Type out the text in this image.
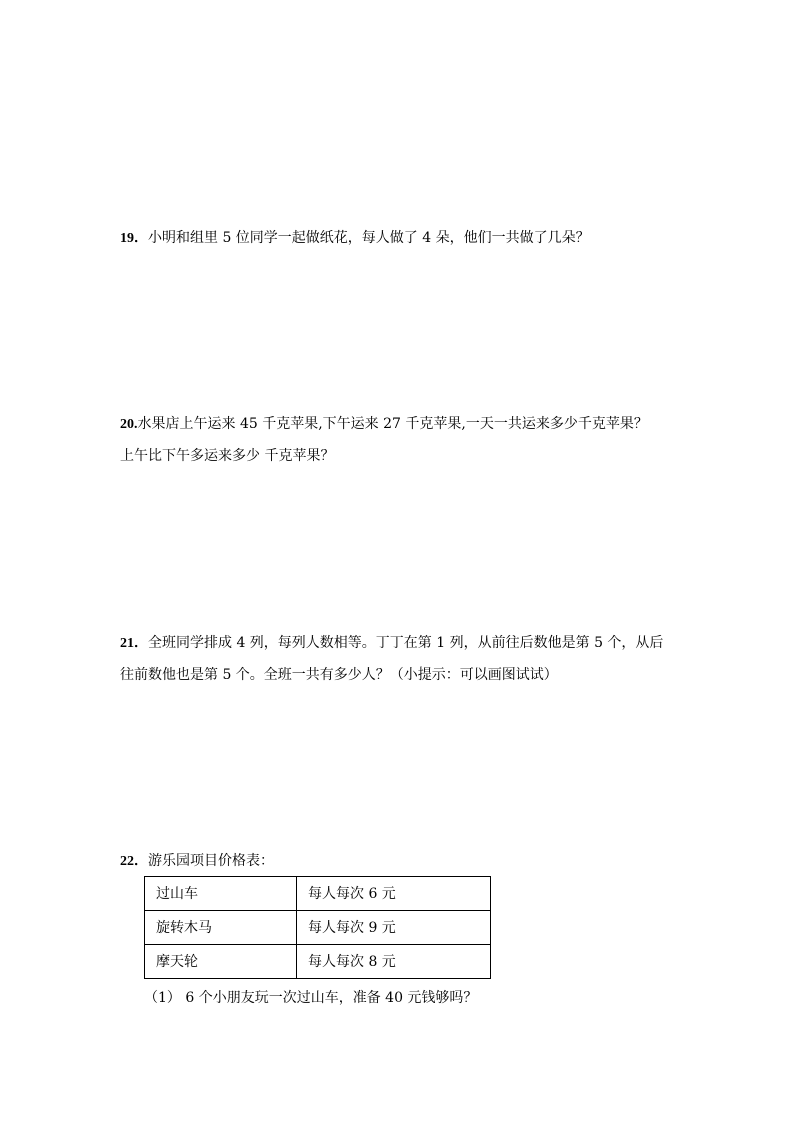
19．小明和组里 5 位同学一起做纸花，每人做了 4 朵，他们一共做了几朵？
20.水果店上午运来 45 千克苹果,下午运来 27 千克苹果,一天一共运来多少千克苹果？
上午比下午多运来多少 千克苹果？
21．全班同学排成 4 列，每列人数相等。丁丁在第 1 列，从前往后数他是第 5 个，从后
往前数他也是第 5 个。全班一共有多少人？（小提示：可以画图试试）
22．游乐园项目价格表：
过山车	每人每次 6 元
旋转木马	每人每次 9 元
摩天轮	每人每次 8 元
（1） 6 个小朋友玩一次过山车，准备 40 元钱够吗？
